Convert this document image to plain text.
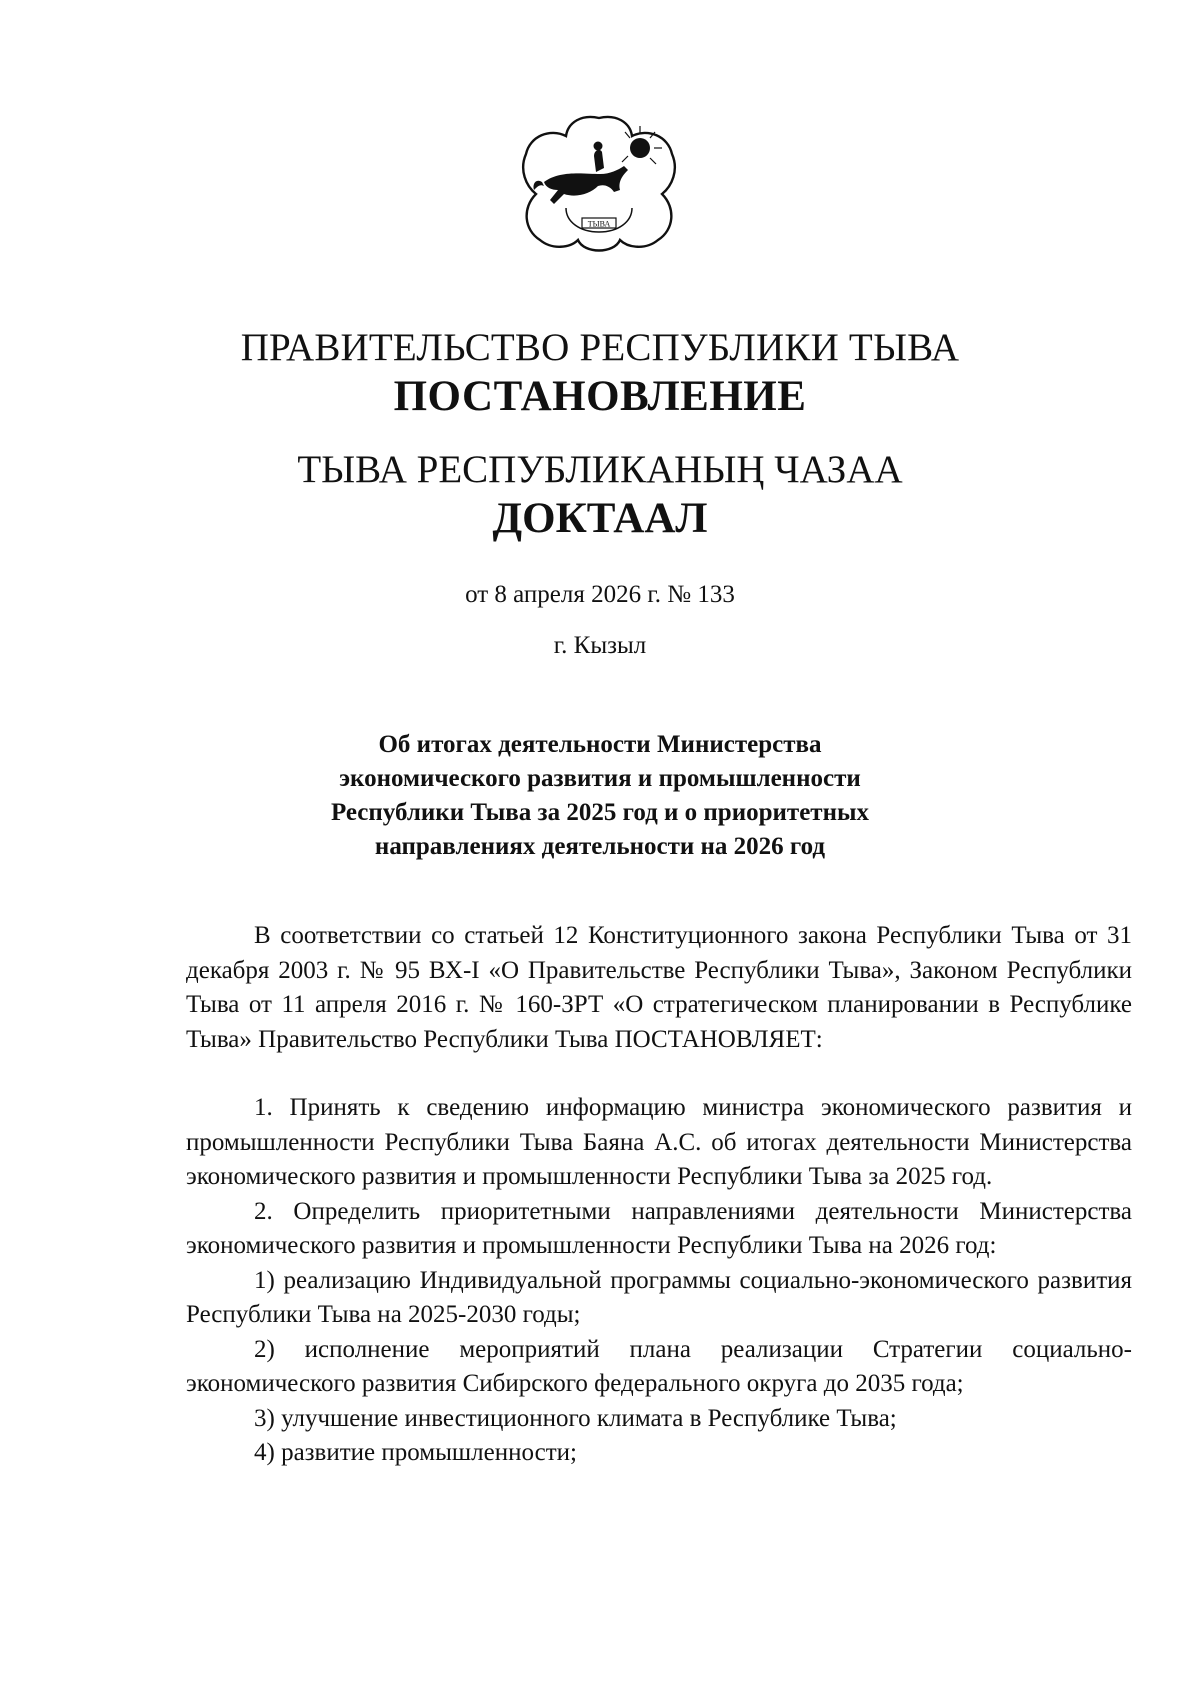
ТЫВА
ПРАВИТЕЛЬСТВО РЕСПУБЛИКИ ТЫВА
ПОСТАНОВЛЕНИЕ
ТЫВА РЕСПУБЛИКАНЫҢ ЧАЗАА
ДОКТААЛ
от 8 апреля 2026 г. № 133
г. Кызыл
Об итогах деятельности Министерства
экономического развития и промышленности
Республики Тыва за 2025 год и о приоритетных
направлениях деятельности на 2026 год

В соответствии со статьей 12 Конституционного закона Республики Тыва от 31 декабря 2003 г. № 95 ВХ-I «О Правительстве Республики Тыва», Законом Республики Тыва от 11 апреля 2016 г. № 160-ЗРТ «О стратегическом планировании в Республике Тыва» Правительство Республики Тыва ПОСТАНОВЛЯЕТ:

1. Принять к сведению информацию министра экономического развития и промышленности Республики Тыва Баяна А.С. об итогах деятельности Министерства экономического развития и промышленности Республики Тыва за 2025 год.

2. Определить приоритетными направлениями деятельности Министерства экономического развития и промышленности Республики Тыва на 2026 год:

1) реализацию Индивидуальной программы социально-экономического развития Республики Тыва на 2025-2030 годы;

2) исполнение мероприятий плана реализации Стратегии социально-экономического развития Сибирского федерального округа до 2035 года;

3) улучшение инвестиционного климата в Республике Тыва;

4) развитие промышленности;
